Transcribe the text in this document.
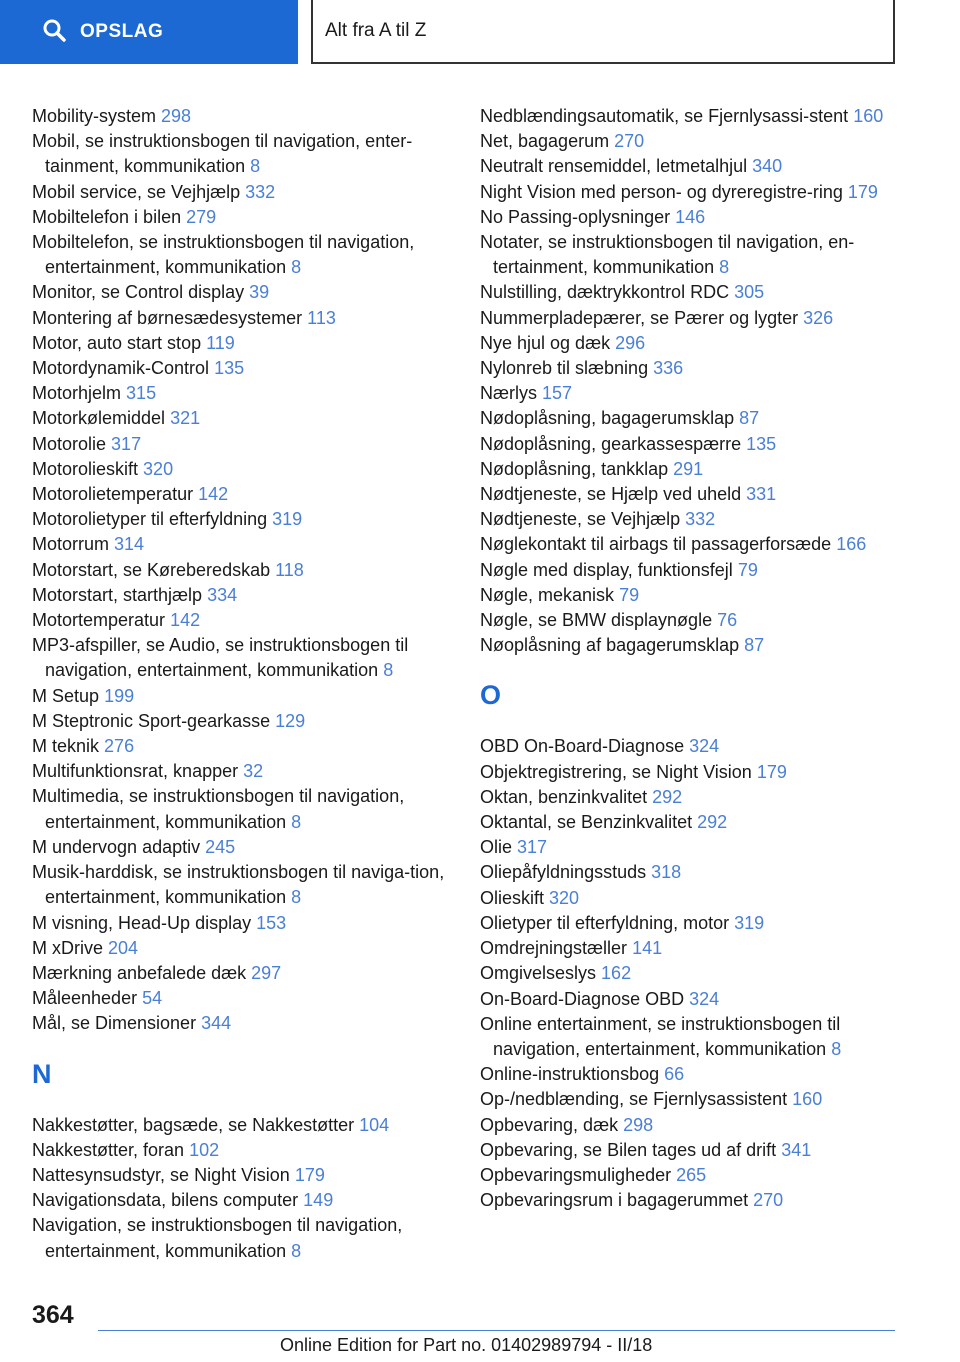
OPSLAG	Alt fra A til Z
Mobility-system 298
Mobil, se instruktionsbogen til navigation, enter-tainment, kommunikation 8
Mobil service, se Vejhjælp 332
Mobiltelefon i bilen 279
Mobiltelefon, se instruktionsbogen til navigation, entertainment, kommunikation 8
Monitor, se Control display 39
Montering af børnesædesystemer 113
Motor, auto start stop 119
Motordynamik-Control 135
Motorhjelm 315
Motorkølemiddel 321
Motorolie 317
Motorolieskift 320
Motorolietemperatur 142
Motorolietyper til efterfyldning 319
Motorrum 314
Motorstart, se Køreberedskab 118
Motorstart, starthjælp 334
Motortemperatur 142
MP3-afspiller, se Audio, se instruktionsbogen til navigation, entertainment, kommunikation 8
M Setup 199
M Steptronic Sport-gearkasse 129
M teknik 276
Multifunktionsrat, knapper 32
Multimedia, se instruktionsbogen til navigation, entertainment, kommunikation 8
M undervogn adaptiv 245
Musik-harddisk, se instruktionsbogen til naviga-tion, entertainment, kommunikation 8
M visning, Head-Up display 153
M xDrive 204
Mærkning anbefalede dæk 297
Måleenheder 54
Mål, se Dimensioner 344
N
Nakkestøtter, bagsæde, se Nakkestøtter 104
Nakkestøtter, foran 102
Nattesynsudstyr, se Night Vision 179
Navigationsdata, bilens computer 149
Navigation, se instruktionsbogen til navigation, entertainment, kommunikation 8
Nedblændingsautomatik, se Fjernlysassi-stent 160
Net, bagagerum 270
Neutralt rensemiddel, letmetalhjul 340
Night Vision med person- og dyreregistre-ring 179
No Passing-oplysninger 146
Notater, se instruktionsbogen til navigation, en-tertainment, kommunikation 8
Nulstilling, dæktrykkontrol RDC 305
Nummerpladepærer, se Pærer og lygter 326
Nye hjul og dæk 296
Nylonreb til slæbning 336
Nærlys 157
Nødoplåsning, bagagerumsklap 87
Nødoplåsning, gearkassespærre 135
Nødoplåsning, tankklap 291
Nødtjeneste, se Hjælp ved uheld 331
Nødtjeneste, se Vejhjælp 332
Nøglekontakt til airbags til passagerforsæde 166
Nøgle med display, funktionsfejl 79
Nøgle, mekanisk 79
Nøgle, se BMW displaynøgle 76
Nøoplåsning af bagagerumsklap 87
O
OBD On-Board-Diagnose 324
Objektregistrering, se Night Vision 179
Oktan, benzinkvalitet 292
Oktantal, se Benzinkvalitet 292
Olie 317
Oliepåfyldningsstuds 318
Olieskift 320
Olietyper til efterfyldning, motor 319
Omdrejningstæller 141
Omgivelseslys 162
On-Board-Diagnose OBD 324
Online entertainment, se instruktionsbogen til navigation, entertainment, kommunikation 8
Online-instruktionsbog 66
Op-/nedblænding, se Fjernlysassistent 160
Opbevaring, dæk 298
Opbevaring, se Bilen tages ud af drift 341
Opbevaringsmuligheder 265
Opbevaringsrum i bagagerummet 270
364
Online Edition for Part no. 01402989794 - II/18
